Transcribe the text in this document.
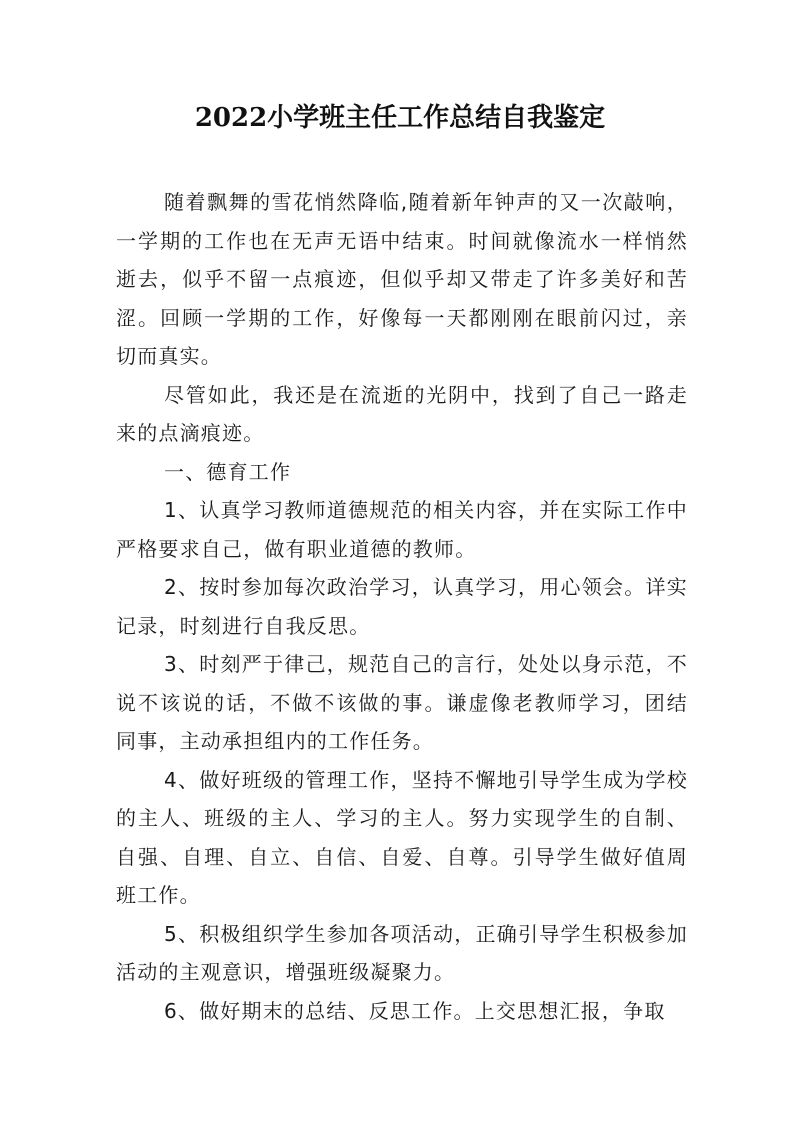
2022小学班主任工作总结自我鉴定

随着飘舞的雪花悄然降临,随着新年钟声的又一次敲响，一学期的工作也在无声无语中结束。时间就像流水一样悄然逝去，似乎不留一点痕迹，但似乎却又带走了许多美好和苦涩。回顾一学期的工作，好像每一天都刚刚在眼前闪过，亲切而真实。

尽管如此，我还是在流逝的光阴中，找到了自己一路走来的点滴痕迹。

一、德育工作

1、认真学习教师道德规范的相关内容，并在实际工作中严格要求自己，做有职业道德的教师。

2、按时参加每次政治学习，认真学习，用心领会。详实记录，时刻进行自我反思。

3、时刻严于律己，规范自己的言行，处处以身示范，不说不该说的话，不做不该做的事。谦虚像老教师学习，团结同事，主动承担组内的工作任务。

4、做好班级的管理工作，坚持不懈地引导学生成为学校的主人、班级的主人、学习的主人。努力实现学生的自制、自强、自理、自立、自信、自爱、自尊。引导学生做好值周班工作。

5、积极组织学生参加各项活动，正确引导学生积极参加活动的主观意识，增强班级凝聚力。

6、做好期末的总结、反思工作。上交思想汇报，争取
